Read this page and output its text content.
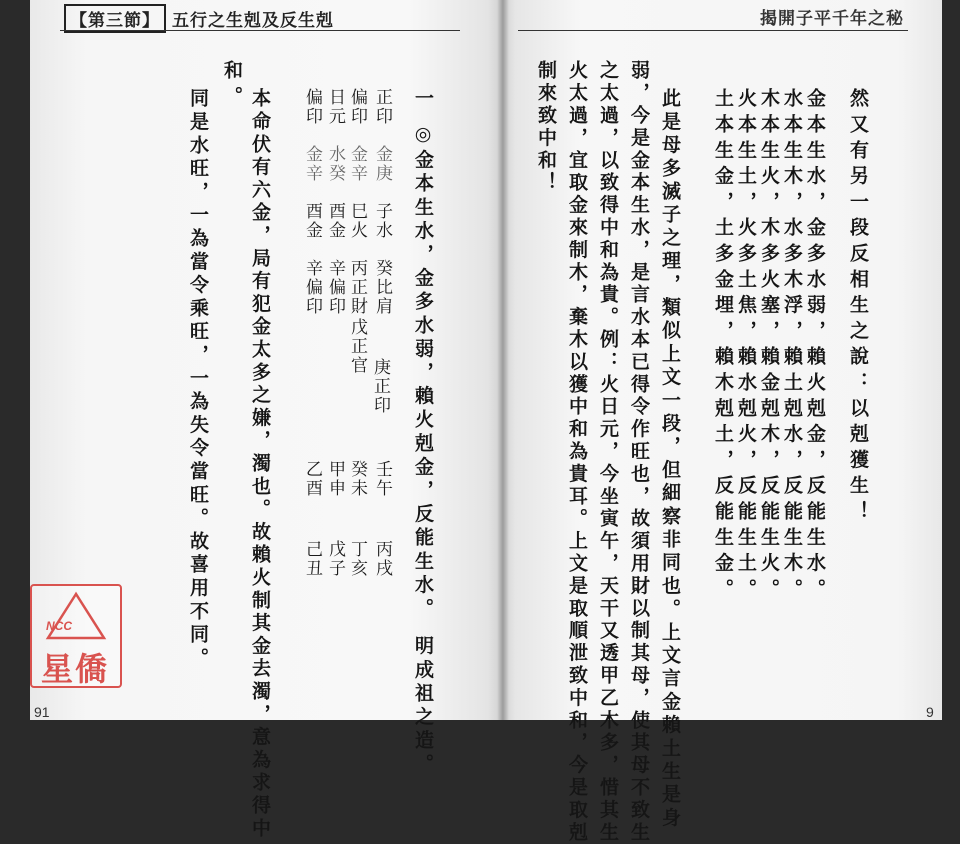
【第三節】 五行之生剋及反生剋	揭開子平千年之秘
然又有另一段反相生之說：以剋獲生！
金本生水，金多水弱，賴火剋金，反能生水。
水本生木，水多木浮，賴土剋水，反能生木。
木本生火，木多火塞，賴金剋木，反能生火。
火本生土，火多土焦，賴水剋火，反能生土。
土本生金，土多金埋，賴木剋土，反能生金。
此是母多滅子之理，類似上文一段，但細察非同也。上文言金賴土生是身
弱，今是金本生水，是言水本已得令作旺也，故須用財以制其母，使其母不致生
之太過，以致得中和為貴。例：火日元，今坐寅午，天干又透甲乙木多，惜其生
火太過，宜取金來制木，棄木以獲中和為貴耳。上文是取順泄致中和，今是取剋
制來致中和！
一 ◎金本生水，金多水弱，賴火剋金，反能生水。　明成祖之造。
正印　金庚　子水　癸比肩
偏印　金辛　巳火　丙正財
日元　水癸　酉金　辛偏印
偏印　金辛　酉金　辛偏印
戊正官
庚正印
丙戌
丁亥
戊子
己丑
壬午
癸未
甲申
乙酉
本命伏有六金，局有犯金太多之嫌，濁也。故賴火制其金去濁，意為求得中
和。
同是水旺，一為當令乘旺，一為失令當旺。故喜用不同。
91	9
NCC
星僑
